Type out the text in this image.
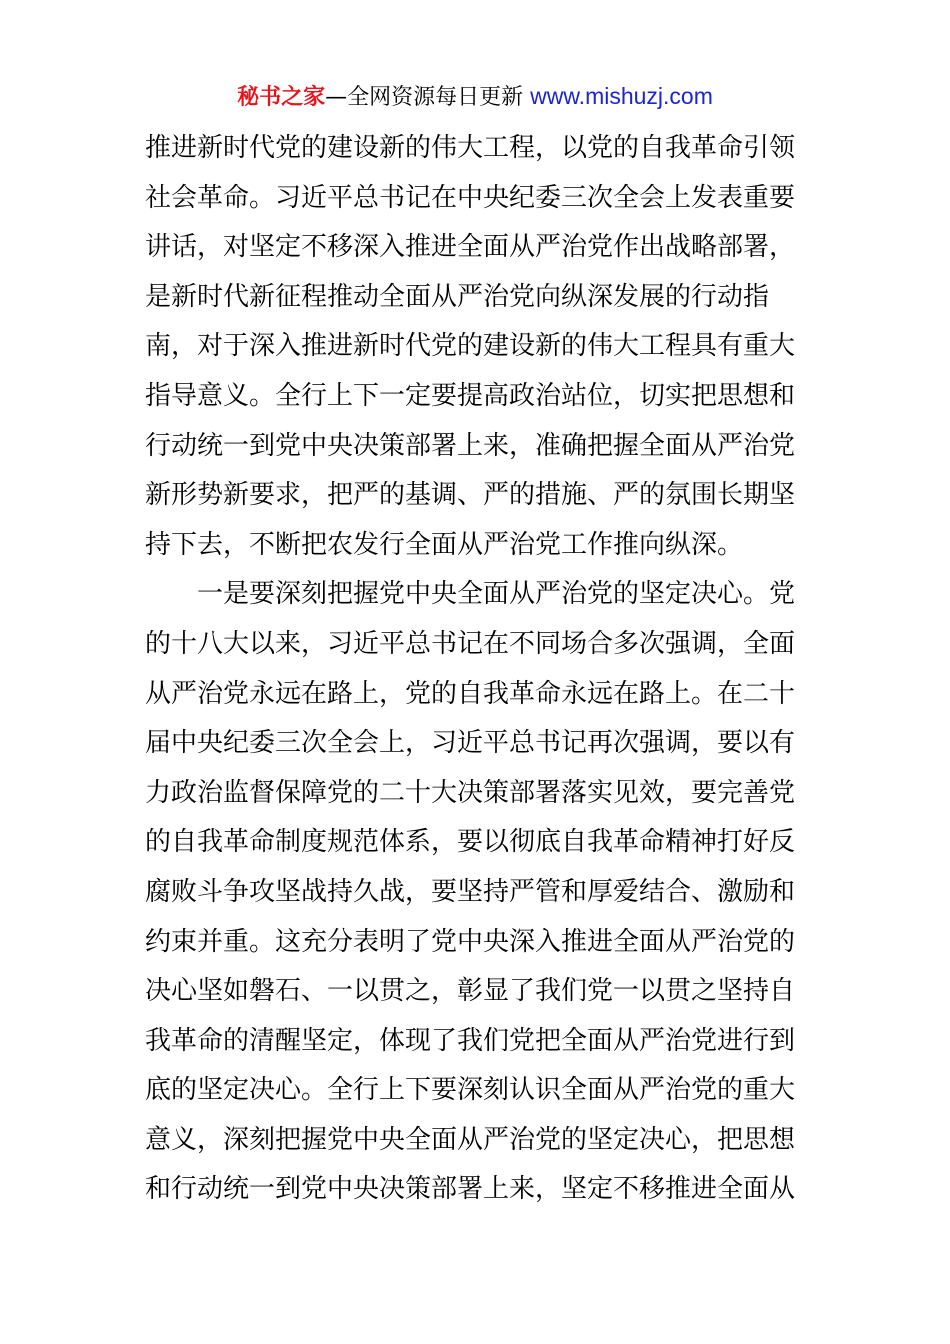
秘书之家—全网资源每日更新 www.mishuzj.com
推进新时代党的建设新的伟大工程，以党的自我革命引领
社会革命。习近平总书记在中央纪委三次全会上发表重要
讲话，对坚定不移深入推进全面从严治党作出战略部署，
是新时代新征程推动全面从严治党向纵深发展的行动指
南，对于深入推进新时代党的建设新的伟大工程具有重大
指导意义。全行上下一定要提高政治站位，切实把思想和
行动统一到党中央决策部署上来，准确把握全面从严治党
新形势新要求，把严的基调、严的措施、严的氛围长期坚
持下去，不断把农发行全面从严治党工作推向纵深。
一是要深刻把握党中央全面从严治党的坚定决心。党
的十八大以来，习近平总书记在不同场合多次强调，全面
从严治党永远在路上，党的自我革命永远在路上。在二十
届中央纪委三次全会上，习近平总书记再次强调，要以有
力政治监督保障党的二十大决策部署落实见效，要完善党
的自我革命制度规范体系，要以彻底自我革命精神打好反
腐败斗争攻坚战持久战，要坚持严管和厚爱结合、激励和
约束并重。这充分表明了党中央深入推进全面从严治党的
决心坚如磐石、一以贯之，彰显了我们党一以贯之坚持自
我革命的清醒坚定，体现了我们党把全面从严治党进行到
底的坚定决心。全行上下要深刻认识全面从严治党的重大
意义，深刻把握党中央全面从严治党的坚定决心，把思想
和行动统一到党中央决策部署上来，坚定不移推进全面从
